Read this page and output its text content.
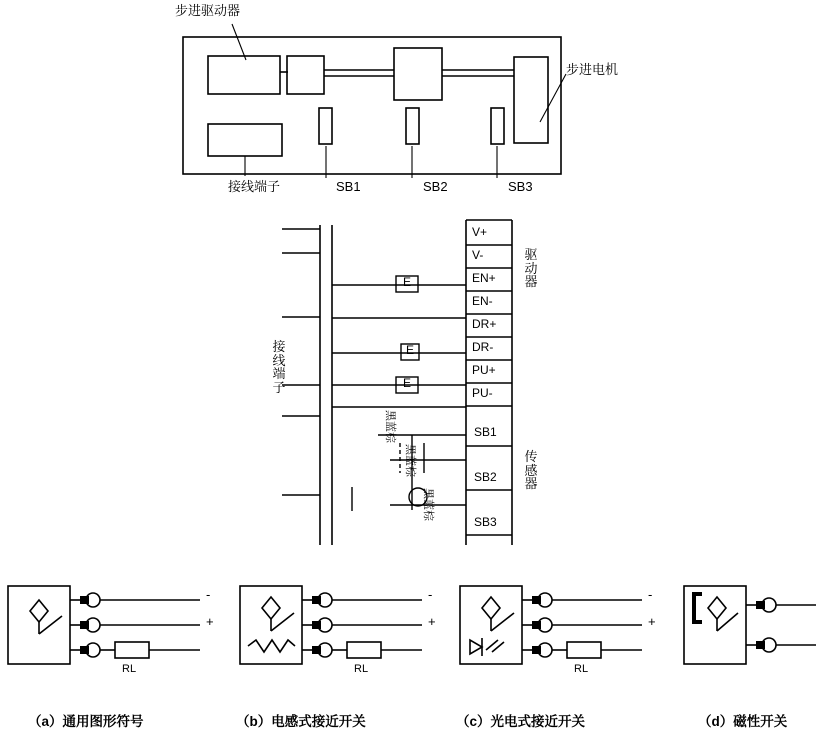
步进驱动器
步进电机
接线端子	SB1	SB2	SB3
接
线
端
子
驱
动
器
传
感
器
V+
V-
EN+
EN-
DR+
DR-
PU+
PU-
SB1
SB2
SB3
黑蓝棕
黑蓝棕
黑蓝棕
E
E
E
-
+
RL
-
+
RL
-
+
RL
（a）通用图形符号	（b）电感式接近开关	（c）光电式接近开关	（d）磁性开关
